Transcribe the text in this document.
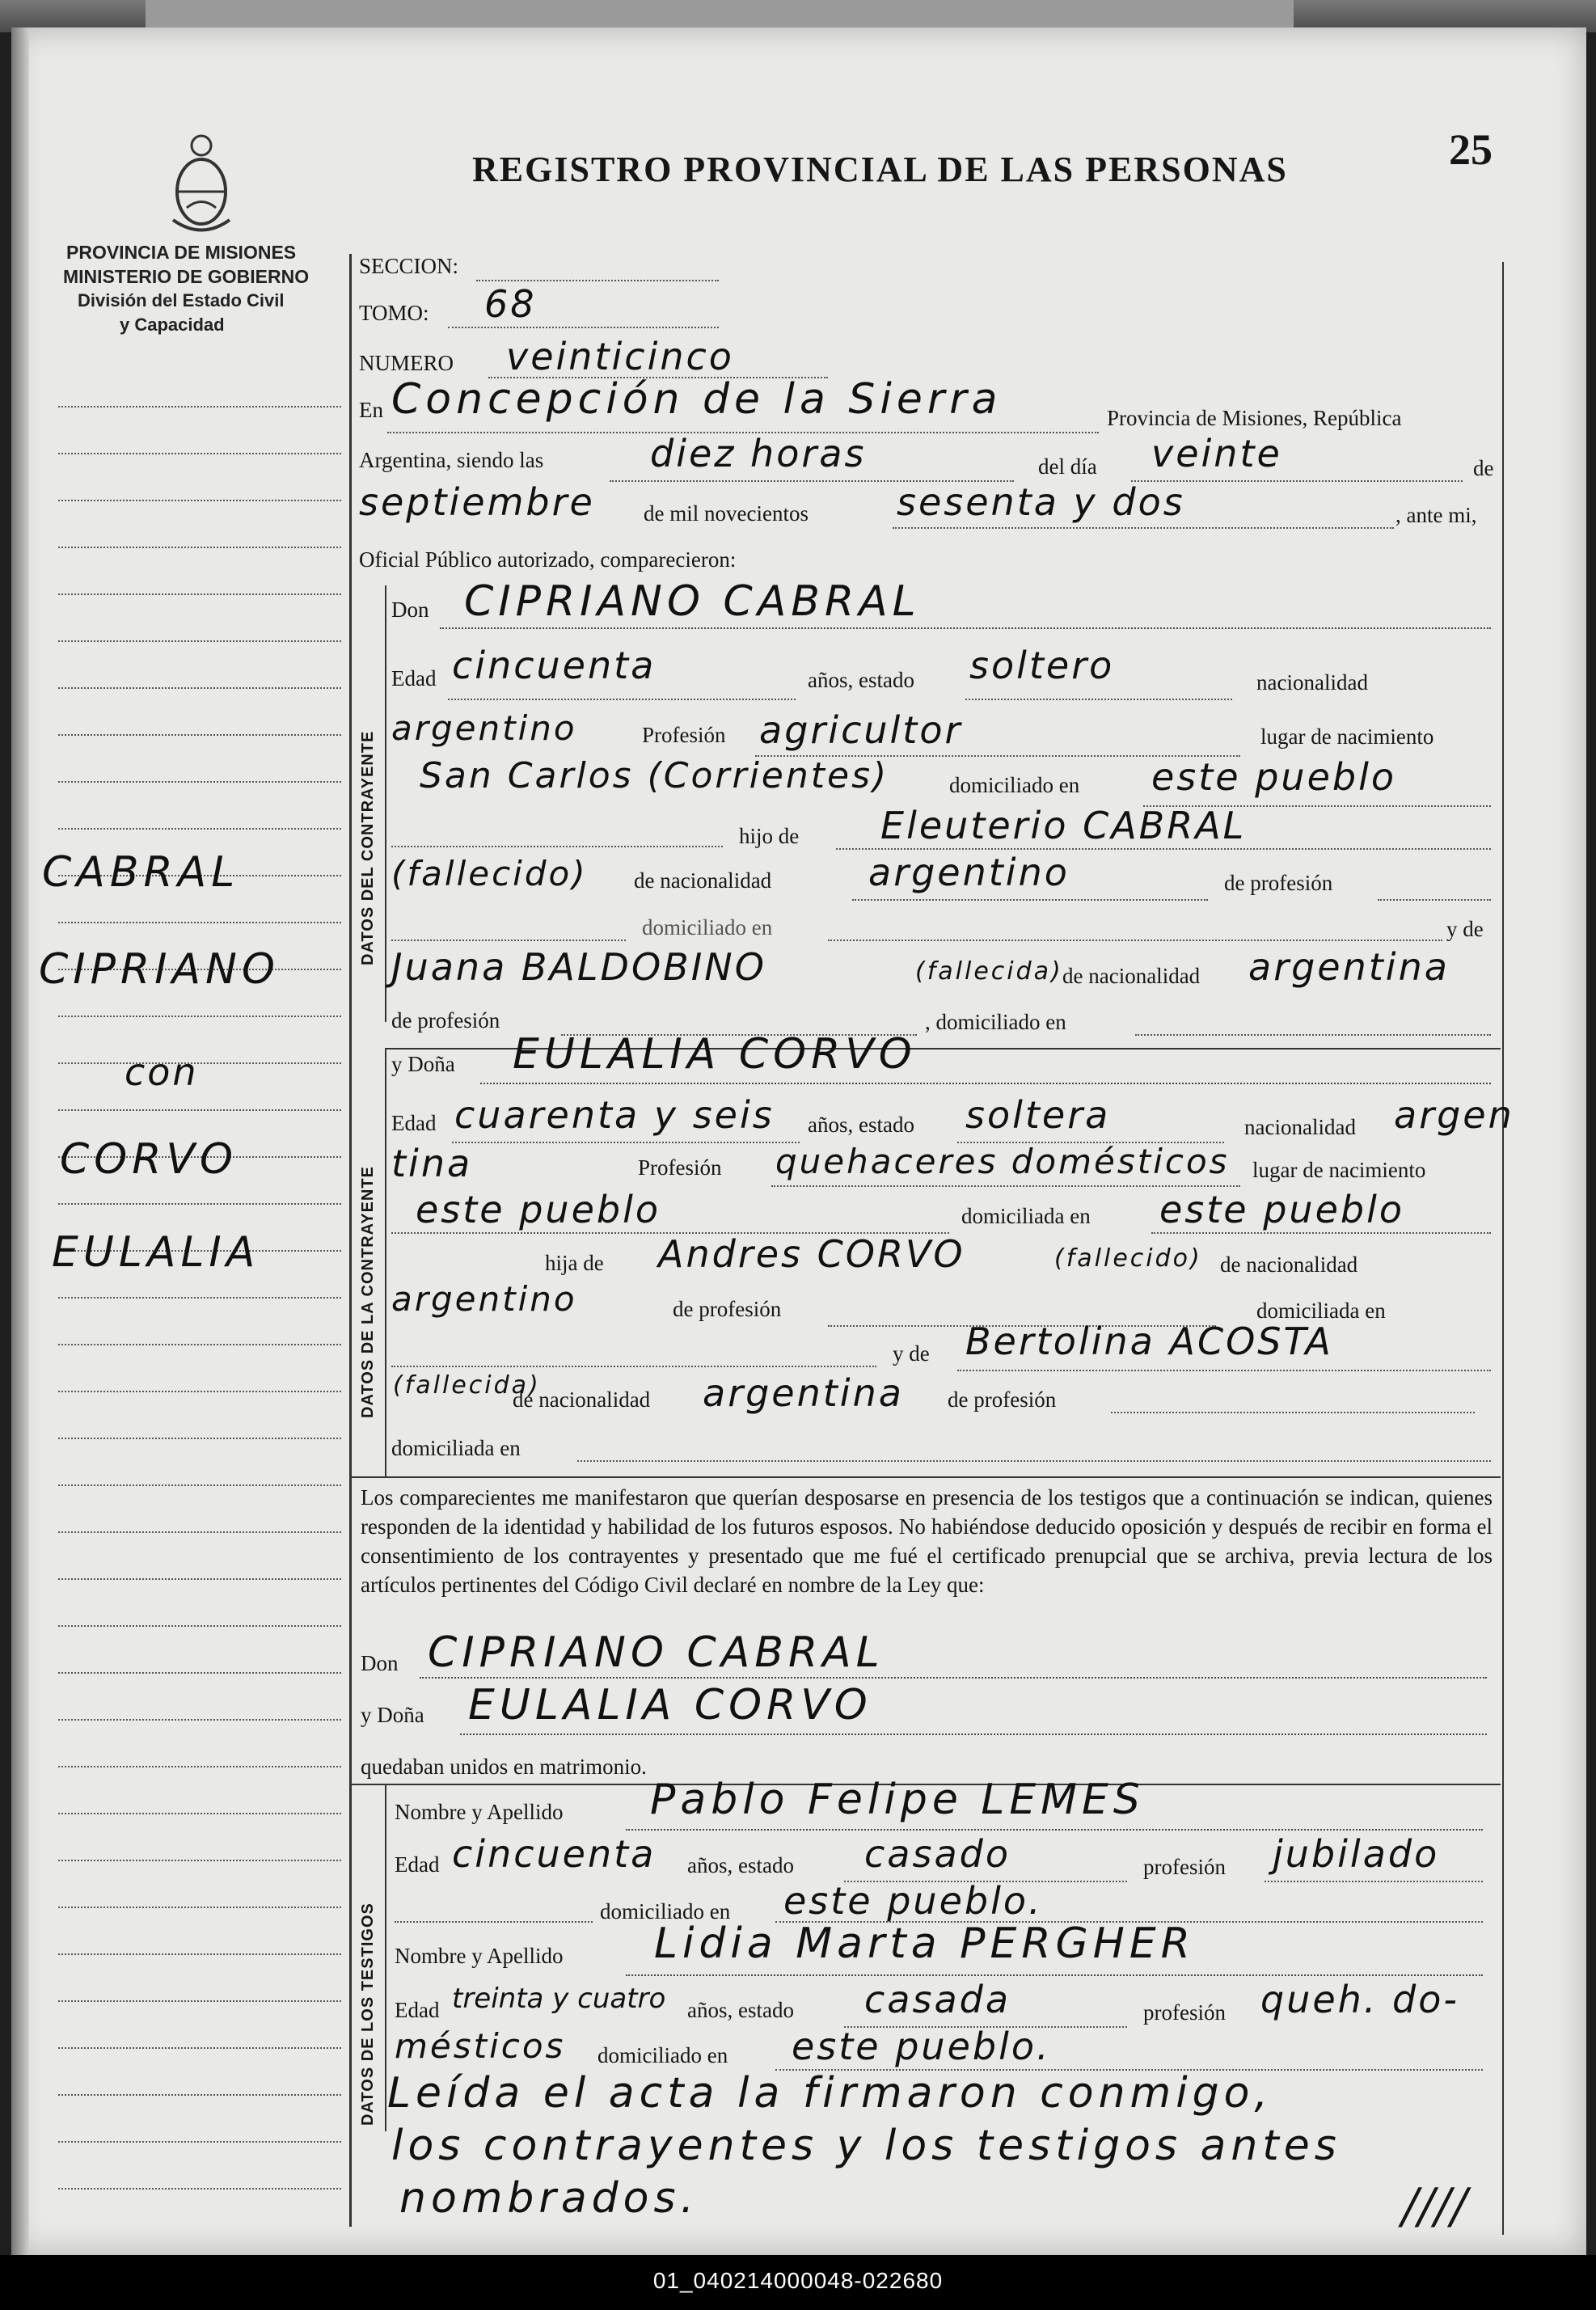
REGISTRO PROVINCIAL DE LAS PERSONAS	25
PROVINCIA DE MISIONES
MINISTERIO DE GOBIERNO
División del Estado Civil
y Capacidad
CABRAL
CIPRIANO
con
CORVO
EULALIA
SECCION:
TOMO: 68
NUMERO veinticinco
En Concepción de la Sierra	Provincia de Misiones, República
Argentina, siendo las	diez horas	del día veinte	de
septiembre de mil novecientos sesenta y dos	, ante mi,
Oficial Público autorizado, comparecieron:
DATOS DEL CONTRAYENTE
Don CIPRIANO CABRAL
Edad cincuenta	años, estado soltero	nacionalidad
argentino	Profesión agricultor	lugar de nacimiento
San Carlos (Corrientes)	domiciliado en este pueblo
hijo de Eleuterio CABRAL
(fallecido) de nacionalidad	argentino	de profesión
domiciliado en	y de
Juana BALDOBINO	(fallecida) de nacionalidad argentina
de profesión	, domiciliado en
DATOS DE LA CONTRAYENTE
y Doña EULALIA CORVO
Edad cuarenta y seis años, estado soltera	nacionalidad argen
tina	Profesión quehaceres domésticos lugar de nacimiento
este pueblo	domiciliada en este pueblo
hija de Andres CORVO	(fallecido) de nacionalidad
argentino	de profesión	domiciliada en
y de Bertolina ACOSTA
(fallecida)
de nacionalidad argentina de profesión
domiciliada en
Los comparecientes me manifestaron que querían desposarse en presencia de los testigos que a continuación se indican, quienes responden de la identidad y habilidad de los futuros esposos. No habiéndose deducido oposición y después de recibir en forma el consentimiento de los contrayentes y presentado que me fué el certificado prenupcial que se archiva, previa lectura de los artículos pertinentes del Código Civil declaré en nombre de la Ley que:
Don CIPRIANO CABRAL
y Doña EULALIA CORVO
quedaban unidos en matrimonio.
DATOS DE LOS TESTIGOS
Nombre y Apellido Pablo Felipe LEMES
Edad cincuenta años, estado casado	profesión jubilado
domiciliado en este pueblo.
Nombre y Apellido Lidia Marta PERGHER
Edad treinta y cuatro años, estado casada	profesión queh. do-
mésticos domiciliado en este pueblo.
Leída el acta la firmaron conmigo,
los contrayentes y los testigos antes
nombrados.	////
01_040214000048-022680
